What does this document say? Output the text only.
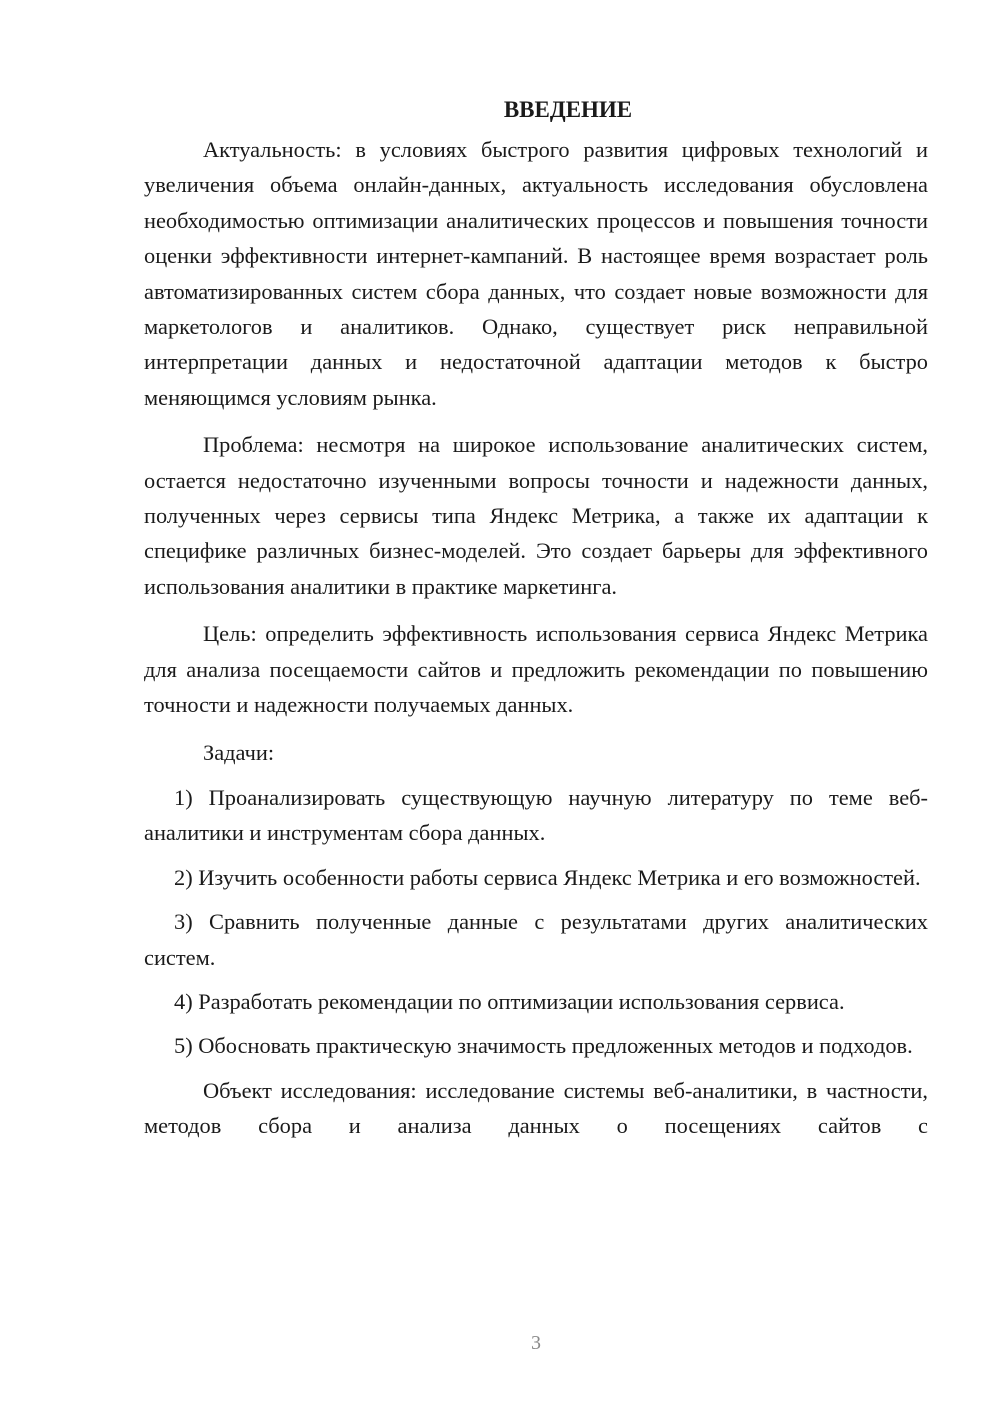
ВВЕДЕНИЕ

Актуальность: в условиях быстрого развития цифровых технологий и увеличения объема онлайн-данных, актуальность исследования обусловлена необходимостью оптимизации аналитических процессов и повышения точности оценки эффективности интернет-кампаний. В настоящее время возрастает роль автоматизированных систем сбора данных, что создает новые возможности для маркетологов и аналитиков. Однако, существует риск неправильной интерпретации данных и недостаточной адаптации методов к быстро меняющимся условиям рынка.

Проблема: несмотря на широкое использование аналитических систем, остается недостаточно изученными вопросы точности и надежности данных, полученных через сервисы типа Яндекс Метрика, а также их адаптации к специфике различных бизнес-моделей. Это создает барьеры для эффективного использования аналитики в практике маркетинга.

Цель: определить эффективность использования сервиса Яндекс Метрика для анализа посещаемости сайтов и предложить рекомендации по повышению точности и надежности получаемых данных.

Задачи:

1) Проанализировать существующую научную литературу по теме веб-аналитики и инструментам сбора данных.

2) Изучить особенности работы сервиса Яндекс Метрика и его возможностей.

3) Сравнить полученные данные с результатами других аналитических систем.

4) Разработать рекомендации по оптимизации использования сервиса.

5) Обосновать практическую значимость предложенных методов и подходов.

Объект исследования: исследование системы веб-аналитики, в частности, методов сбора и анализа данных о посещениях сайтов с

3
